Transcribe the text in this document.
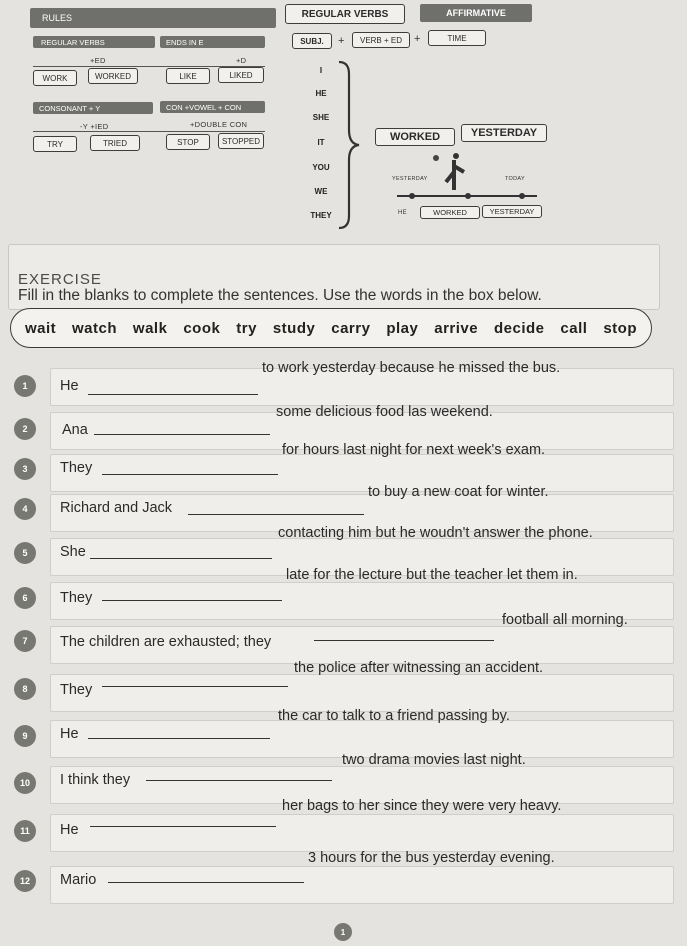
RULES	REGULAR VERBS	AFFIRMATIVE
REGULAR VERBS	ENDS IN E
+ED	+D
WORK	WORKED	LIKE	LIKED
CONSONANT + Y	CON +VOWEL + CON
-Y +IED	+DOUBLE CON
TRY	TRIED	STOP	STOPPED
SUBJ.	+	VERB + ED	+	TIME
I
HE
SHE
IT
YOU
WE
THEY
WORKED	YESTERDAY
YESTERDAY	TODAY
HE	WORKED	YESTERDAY
EXERCISE
Fill in the blanks to complete the sentences. Use the words in the box below.
wait watch walk cook try study carry play arrive decide call stop
1	He
to work yesterday because he missed the bus.
2	Ana
some delicious food las weekend.
3	They
for hours last night for next week's exam.
4	Richard and Jack
to buy a new coat for winter.
5	She
contacting him but he woudn't answer the phone.
6	They
late for the lecture but the teacher let them in.
7	The children are exhausted; they
football all morning.
8	They
the police after witnessing an accident.
9	He
the car to talk to a friend passing by.
10	I think they
two drama movies last night.
11	He
her bags to her since they were very heavy.
12	Mario
3 hours for the bus yesterday evening.
1
